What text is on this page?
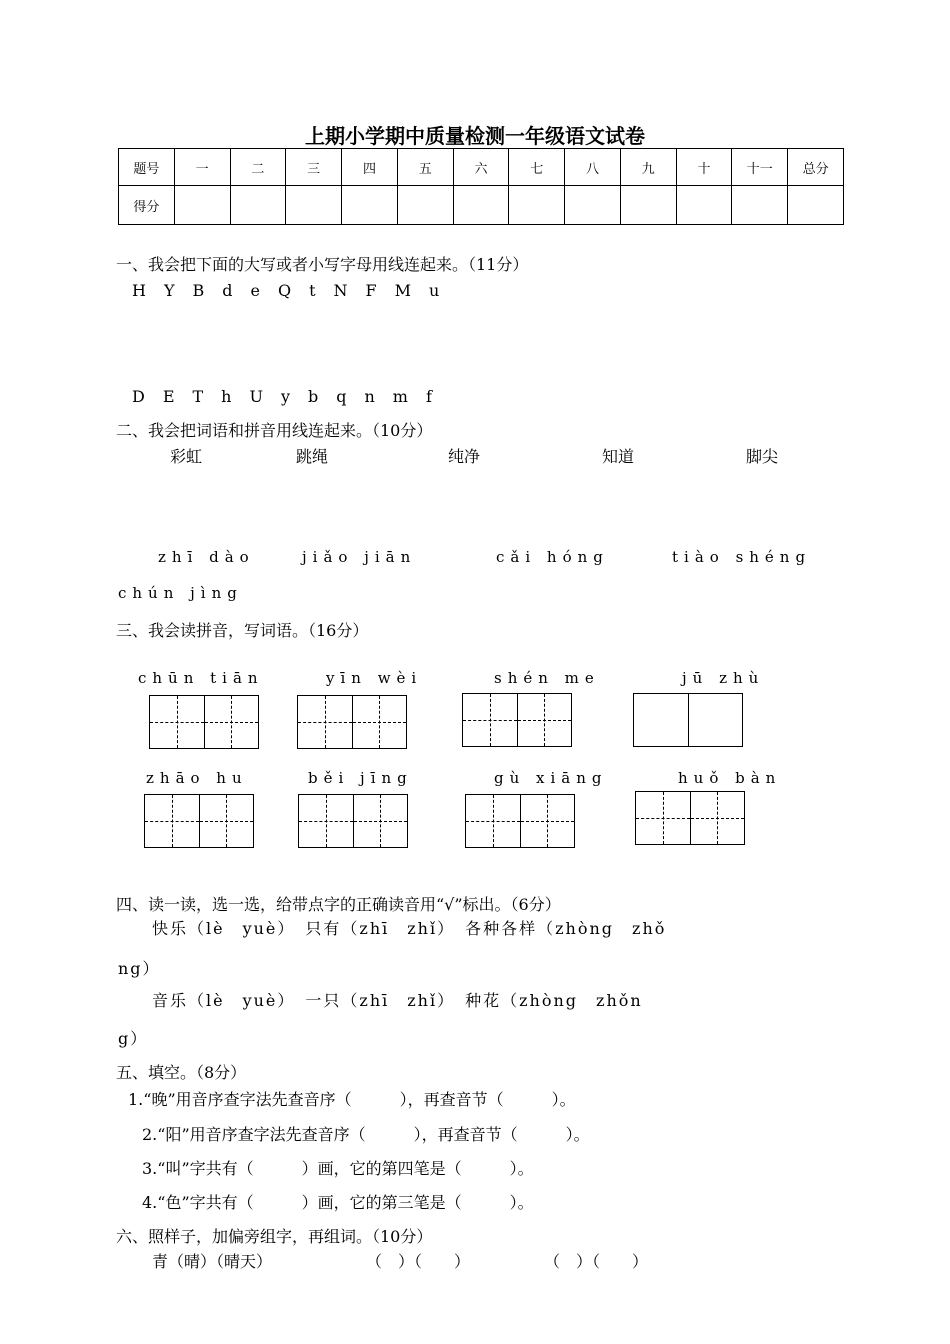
上期小学期中质量检测一年级语文试卷
题号	一	二	三	四	五	六	七	八	九	十	十一	总分
得分												
一、我会把下面的大写或者小写字母用线连起来。（11分）
H　Y　B　d　e　Q　t　N　F　M　u
D　E　T　h　U　y　b　q　n　m　f
二、我会把词语和拼音用线连起来。（10分）
彩虹	跳绳	纯净	知道	脚尖
zhī dào	jiǎo jiān	cǎi hóng	tiào shéng
chún jìng
三、我会读拼音，写词语。（16分）
chūn tiān	yīn wèi	shén me	jū zhù
zhāo hu	běi jīng	gù xiāng	huǒ bàn
四、读一读，选一选，给带点字的正确读音用“√”标出。（6分）
快乐（lè　yuè）　只有（zhī　zhǐ）　各种各样（zhòng　zhǒ
ng）
音乐（lè　yuè）　一只（zhī　zhǐ）　种花（zhòng　zhǒn
g）
五、填空。（8分）
1.“晚”用音序查字法先查音序（　　　），再查音节（　　　）。
2.“阳”用音序查字法先查音序（　　　），再查音节（　　　）。
3.“叫”字共有（　　　）画，它的第四笔是（　　　）。
4.“色”字共有（　　　）画，它的第三笔是（　　　）。
六、照样子，加偏旁组字，再组词。（10分）
青（晴）（晴天）	（　）（　　）	（　）（　　）
